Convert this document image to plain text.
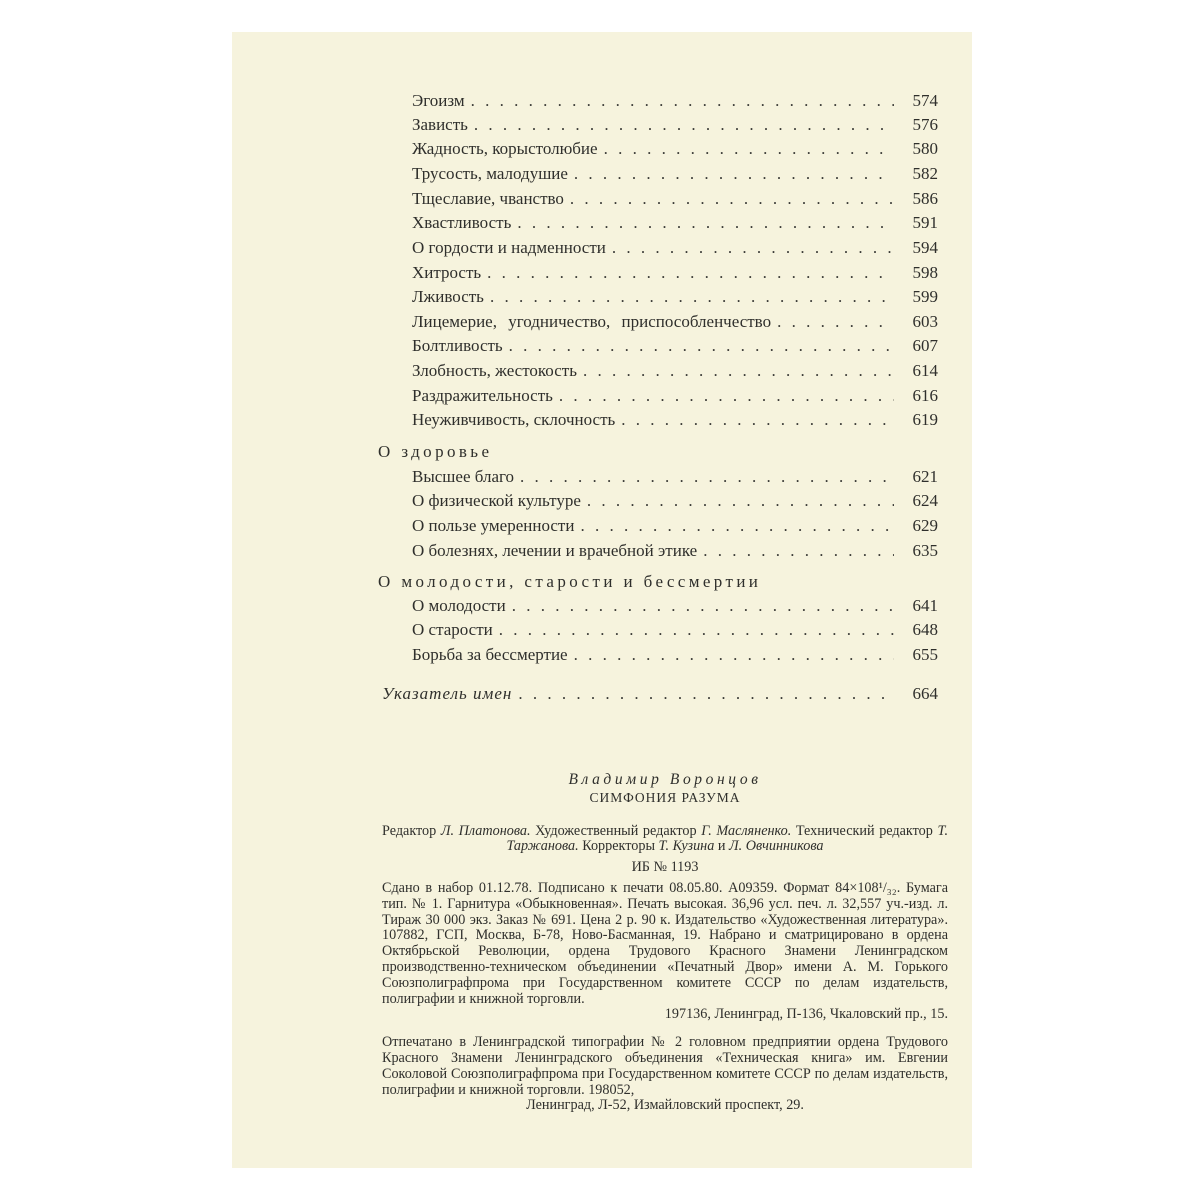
Эгоизм . . .	574
Зависть . . .	576
Жадность, корыстолюбие . . .	580
Трусость, малодушие . . .	582
Тщеславие, чванство . . .	586
Хвастливость . . .	591
О гордости и надменности . . .	594
Хитрость . . .	598
Лживость . . .	599
Лицемерие, угодничество, приспособленчество . . .	603
Болтливость . . .	607
Злобность, жестокость . . .	614
Раздражительность . . .	616
Неуживчивость, склочность . . .	619
О здоровье
Высшее благо . . .	621
О физической культуре . . .	624
О пользе умеренности . . .	629
О болезнях, лечении и врачебной этике . . .	635
О молодости, старости и бессмертии
О молодости . . .	641
О старости . . .	648
Борьба за бессмертие . . .	655
Указатель имен . . .	664
Владимир Воронцов
СИМФОНИЯ РАЗУМА
Редактор Л. Платонова. Художественный редактор Г. Масляненко. Технический редактор Т. Таржанова. Корректоры Т. Кузина и Л. Овчинникова
ИБ № 1193

Сдано в набор 01.12.78. Подписано к печати 08.05.80. А09359. Формат 84×108¹/₃₂. Бумага тип. № 1. Гарнитура «Обыкновенная». Печать высокая. 36,96 усл. печ. л. 32,557 уч.-изд. л. Тираж 30 000 экз. Заказ № 691. Цена 2 р. 90 к. Издательство «Художественная литература». 107882, ГСП, Москва, Б-78, Ново-Басманная, 19. Набрано и сматрицировано в ордена Октябрьской Революции, ордена Трудового Красного Знамени Ленинградском производственно-техническом объединении «Печатный Двор» имени А. М. Горького Союзполиграфпрома при Государственном комитете СССР по делам издательств, полиграфии и книжной торговли.
197136, Ленинград, П-136, Чкаловский пр., 15.

Отпечатано в Ленинградской типографии № 2 головном предприятии ордена Трудового Красного Знамени Ленинградского объединения «Техническая книга» им. Евгении Соколовой Союзполиграфпрома при Государственном комитете СССР по делам издательств, полиграфии и книжной торговли. 198052,
Ленинград, Л-52, Измайловский проспект, 29.
